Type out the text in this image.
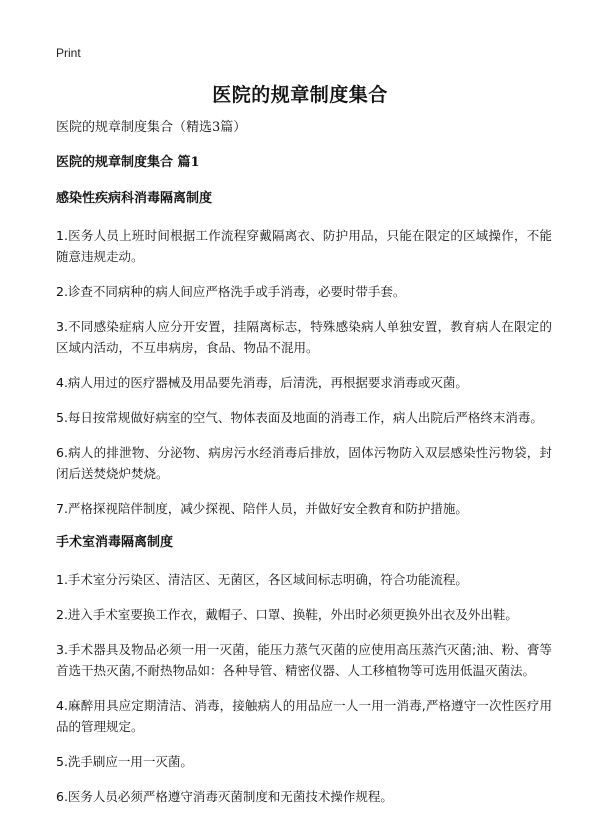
Print
医院的规章制度集合
医院的规章制度集合（精选3篇）
医院的规章制度集合 篇1
感染性疾病科消毒隔离制度

1.医务人员上班时间根据工作流程穿戴隔离衣、防护用品，只能在限定的区域操作，不能随意违规走动。

2.诊查不同病种的病人间应严格洗手或手消毒，必要时带手套。

3.不同感染症病人应分开安置，挂隔离标志，特殊感染病人单独安置，教育病人在限定的区域内活动，不互串病房，食品、物品不混用。

4.病人用过的医疗器械及用品要先消毒，后清洗，再根据要求消毒或灭菌。

5.每日按常规做好病室的空气、物体表面及地面的消毒工作，病人出院后严格终末消毒。

6.病人的排泄物、分泌物、病房污水经消毒后排放，固体污物防入双层感染性污物袋，封闭后送焚烧炉焚烧。

7.严格探视陪伴制度，减少探视、陪伴人员，并做好安全教育和防护措施。

手术室消毒隔离制度

1.手术室分污染区、清洁区、无菌区，各区域间标志明确，符合功能流程。

2.进入手术室要换工作衣，戴帽子、口罩、换鞋，外出时必须更换外出衣及外出鞋。

3.手术器具及物品必须一用一灭菌，能压力蒸气灭菌的应使用高压蒸汽灭菌;油、粉、膏等首选干热灭菌,不耐热物品如：各种导管、精密仪器、人工移植物等可选用低温灭菌法。

4.麻醉用具应定期清洁、消毒，接触病人的用品应一人一用一消毒,严格遵守一次性医疗用品的管理规定。

5.洗手刷应一用一灭菌。

6.医务人员必须严格遵守消毒灭菌制度和无菌技术操作规程。
